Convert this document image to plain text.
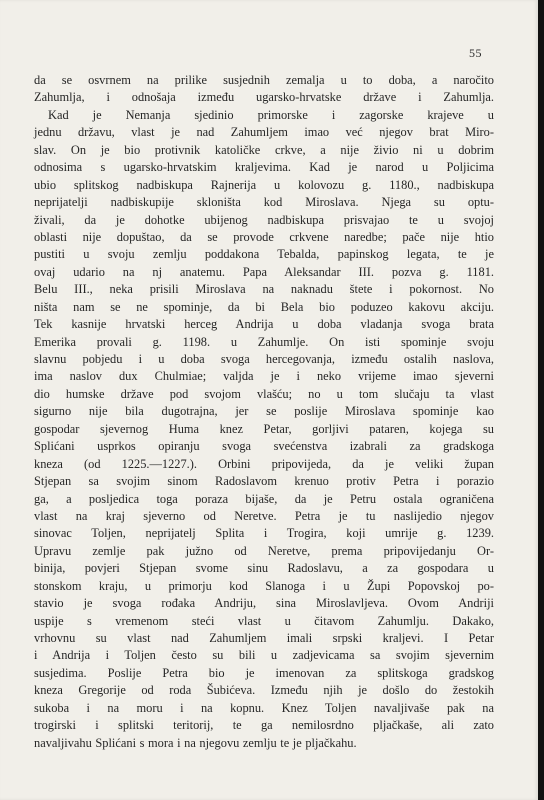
55
da se osvrnem na prilike susjednih zemalja u to doba, a naročito
Zahumlja, i odnošaja između ugarsko-hrvatske države i Zahumlja.
Kad je Nemanja sjedinio primorske i zagorske krajeve u
jednu državu, vlast je nad Zahumljem imao već njegov brat Miro-
slav. On je bio protivnik katoličke crkve, a nije živio ni u dobrim
odnosima s ugarsko-hrvatskim kraljevima. Kad je narod u Poljicima
ubio splitskog nadbiskupa Rajnerija u kolovozu g. 1180., nadbiskupa
neprijatelji nadbiskupije skloništa kod Miroslava. Njega su optu-
živali, da je dohotke ubijenog nadbiskupa prisvajao te u svojoj
oblasti nije dopuštao, da se provode crkvene naredbe; pače nije htio
pustiti u svoju zemlju poddakona Tebalda, papinskog legata, te je
ovaj udario na nj anatemu. Papa Aleksandar III. pozva g. 1181.
Belu III., neka prisili Miroslava na naknadu štete i pokornost. No
ništa nam se ne spominje, da bi Bela bio poduzeo kakovu akciju.
Tek kasnije hrvatski herceg Andrija u doba vladanja svoga brata
Emerika provali g. 1198. u Zahumlje. On isti spominje svoju
slavnu pobjedu i u doba svoga hercegovanja, između ostalih naslova,
ima naslov dux Chulmiae; valjda je i neko vrijeme imao sjeverni
dio humske države pod svojom vlašću; no u tom slučaju ta vlast
sigurno nije bila dugotrajna, jer se poslije Miroslava spominje kao
gospodar sjevernog Huma knez Petar, gorljivi pataren, kojega su
Splićani usprkos opiranju svoga svećenstva izabrali za gradskoga
kneza (od 1225.—1227.). Orbini pripovijeda, da je veliki župan
Stjepan sa svojim sinom Radoslavom krenuo protiv Petra i porazio
ga, a posljedica toga poraza bijaše, da je Petru ostala ograničena
vlast na kraj sjeverno od Neretve. Petra je tu naslijedio njegov
sinovac Toljen, neprijatelj Splita i Trogira, koji umrije g. 1239.
Upravu zemlje pak južno od Neretve, prema pripovijedanju Or-
binija, povjeri Stjepan svome sinu Radoslavu, a za gospodara u
stonskom kraju, u primorju kod Slanoga i u Župi Popovskoj po-
stavio je svoga rođaka Andriju, sina Miroslavljeva. Ovom Andriji
uspije s vremenom steći vlast u čitavom Zahumlju. Dakako,
vrhovnu su vlast nad Zahumljem imali srpski kraljevi. I Petar
i Andrija i Toljen često su bili u zadjevicama sa svojim sjevernim
susjedima. Poslije Petra bio je imenovan za splitskoga gradskog
kneza Gregorije od roda Šubićeva. Između njih je došlo do žestokih
sukoba i na moru i na kopnu. Knez Toljen navaljivaše pak na
trogirski i splitski teritorij, te ga nemilosrdno pljačkaše, ali zato
navaljivahu Splićani s mora i na njegovu zemlju te je pljačkahu.
